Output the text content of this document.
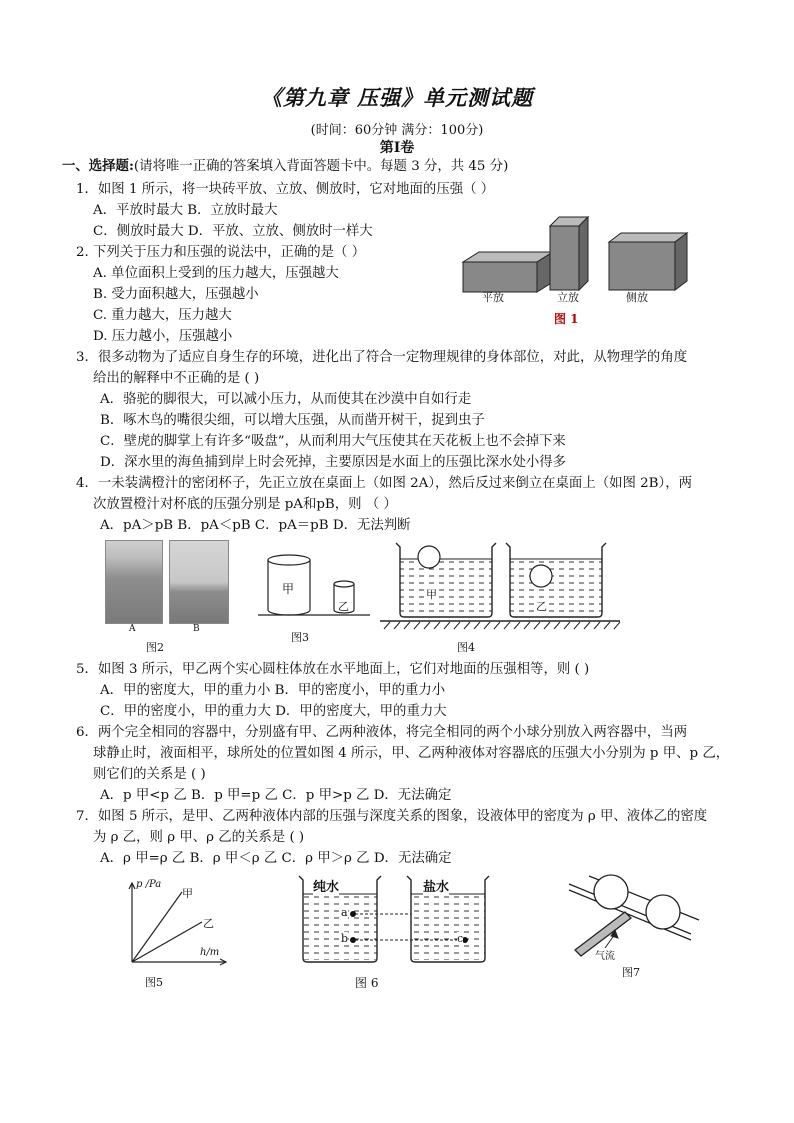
《第九章 压强》单元测试题
(时间：60分钟 满分：100分)
第Ⅰ卷
一、选择题:(请将唯一正确的答案填入背面答题卡中。每题 3 分，共 45 分)
1．如图 1 所示，将一块砖平放、立放、侧放时，它对地面的压强（ ）
A．平放时最大 B．立放时最大
C．侧放时最大 D．平放、立放、侧放时一样大
2. 下列关于压力和压强的说法中，正确的是（ ）
A. 单位面积上受到的压力越大，压强越大
B. 受力面积越大，压强越小
C. 重力越大，压力越大
D. 压力越小，压强越小
3．很多动物为了适应自身生存的环境，进化出了符合一定物理规律的身体部位，对此，从物理学的角度
给出的解释中不正确的是 ( )
A．骆驼的脚很大，可以减小压力，从而使其在沙漠中自如行走
B．啄木鸟的嘴很尖细，可以增大压强，从而凿开树干，捉到虫子
C．壁虎的脚掌上有许多“吸盘”，从而利用大气压使其在天花板上也不会掉下来
D．深水里的海鱼捕到岸上时会死掉，主要原因是水面上的压强比深水处小得多
4．一未装满橙汁的密闭杯子，先正立放在桌面上（如图 2A），然后反过来倒立在桌面上（如图 2B），两
次放置橙汁对杯底的压强分别是 pA和pB，则 （ ）
A．pA＞pB B．pA＜pB C．pA＝pB D．无法判断
5．如图 3 所示，甲乙两个实心圆柱体放在水平地面上，它们对地面的压强相等，则 ( )
A．甲的密度大，甲的重力小 B．甲的密度小，甲的重力小
C．甲的密度小，甲的重力大 D．甲的密度大，甲的重力大
6．两个完全相同的容器中，分别盛有甲、乙两种液体，将完全相同的两个小球分别放入两容器中，当两
球静止时，液面相平，球所处的位置如图 4 所示，甲、乙两种液体对容器底的压强大小分别为 p 甲、p 乙，
则它们的关系是 ( )
A．p 甲<p 乙 B．p 甲=p 乙 C．p 甲>p 乙 D．无法确定
7．如图 5 所示，是甲、乙两种液体内部的压强与深度关系的图象，设液体甲的密度为 ρ 甲、液体乙的密度
为 ρ 乙，则 ρ 甲、ρ 乙的关系是 ( )
A．ρ 甲=ρ 乙 B．ρ 甲＜ρ 乙 C．ρ 甲＞ρ 乙 D．无法确定
平放	立放	侧放
图 1
A	B
图2
甲
乙
图3
甲
乙
图4
p /Pa
h/m
甲
乙
图5
纯水	盐水
a
b	c
图 6
气流
图7
